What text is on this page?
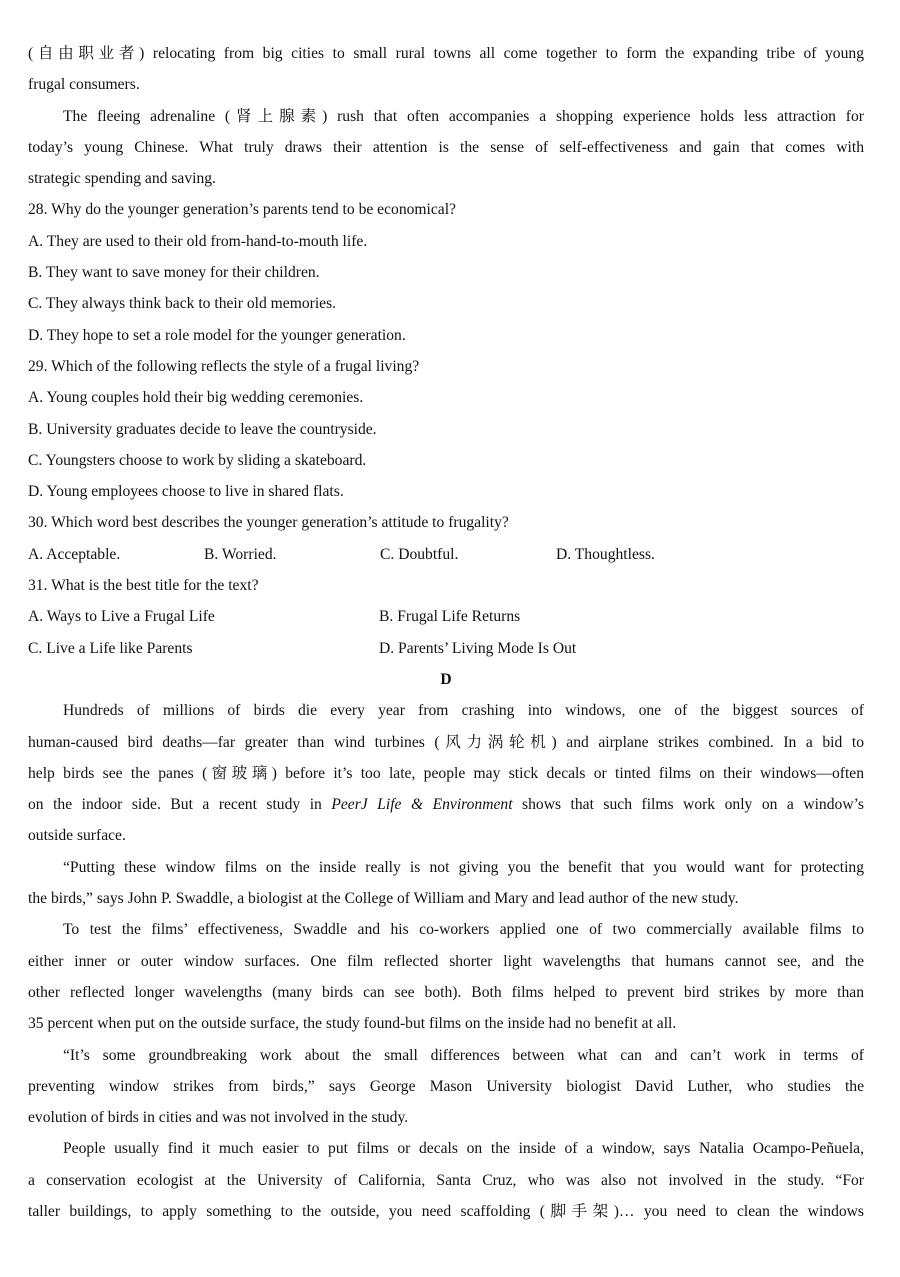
(自由职业者) relocating from big cities to small rural towns all come together to form the expanding tribe of young
frugal consumers.
The fleeing adrenaline (肾上腺素) rush that often accompanies a shopping experience holds less attraction for
today’s young Chinese. What truly draws their attention is the sense of self-effectiveness and gain that comes with
strategic spending and saving.
28. Why do the younger generation’s parents tend to be economical?
A. They are used to their old from-hand-to-mouth life.
B. They want to save money for their children.
C. They always think back to their old memories.
D. They hope to set a role model for the younger generation.
29. Which of the following reflects the style of a frugal living?
A. Young couples hold their big wedding ceremonies.
B. University graduates decide to leave the countryside.
C. Youngsters choose to work by sliding a skateboard.
D. Young employees choose to live in shared flats.
30. Which word best describes the younger generation’s attitude to frugality?
A. Acceptable.	B. Worried.	C. Doubtful.	D. Thoughtless.
31. What is the best title for the text?
A. Ways to Live a Frugal Life	B. Frugal Life Returns
C. Live a Life like Parents	D. Parents’ Living Mode Is Out
D
Hundreds of millions of birds die every year from crashing into windows, one of the biggest sources of
human-caused bird deaths—far greater than wind turbines (风力涡轮机) and airplane strikes combined. In a bid to
help birds see the panes (窗玻璃) before it’s too late, people may stick decals or tinted films on their windows—often
on the indoor side. But a recent study in PeerJ Life & Environment shows that such films work only on a window’s
outside surface.
“Putting these window films on the inside really is not giving you the benefit that you would want for protecting
the birds,” says John P. Swaddle, a biologist at the College of William and Mary and lead author of the new study.
To test the films’ effectiveness, Swaddle and his co-workers applied one of two commercially available films to
either inner or outer window surfaces. One film reflected shorter light wavelengths that humans cannot see, and the
other reflected longer wavelengths (many birds can see both). Both films helped to prevent bird strikes by more than
35 percent when put on the outside surface, the study found-but films on the inside had no benefit at all.
“It’s some groundbreaking work about the small differences between what can and can’t work in terms of
preventing window strikes from birds,” says George Mason University biologist David Luther, who studies the
evolution of birds in cities and was not involved in the study.
People usually find it much easier to put films or decals on the inside of a window, says Natalia Ocampo-Peñuela,
a conservation ecologist at the University of California, Santa Cruz, who was also not involved in the study. “For
taller buildings, to apply something to the outside, you need scaffolding (脚手架)… you need to clean the windows
